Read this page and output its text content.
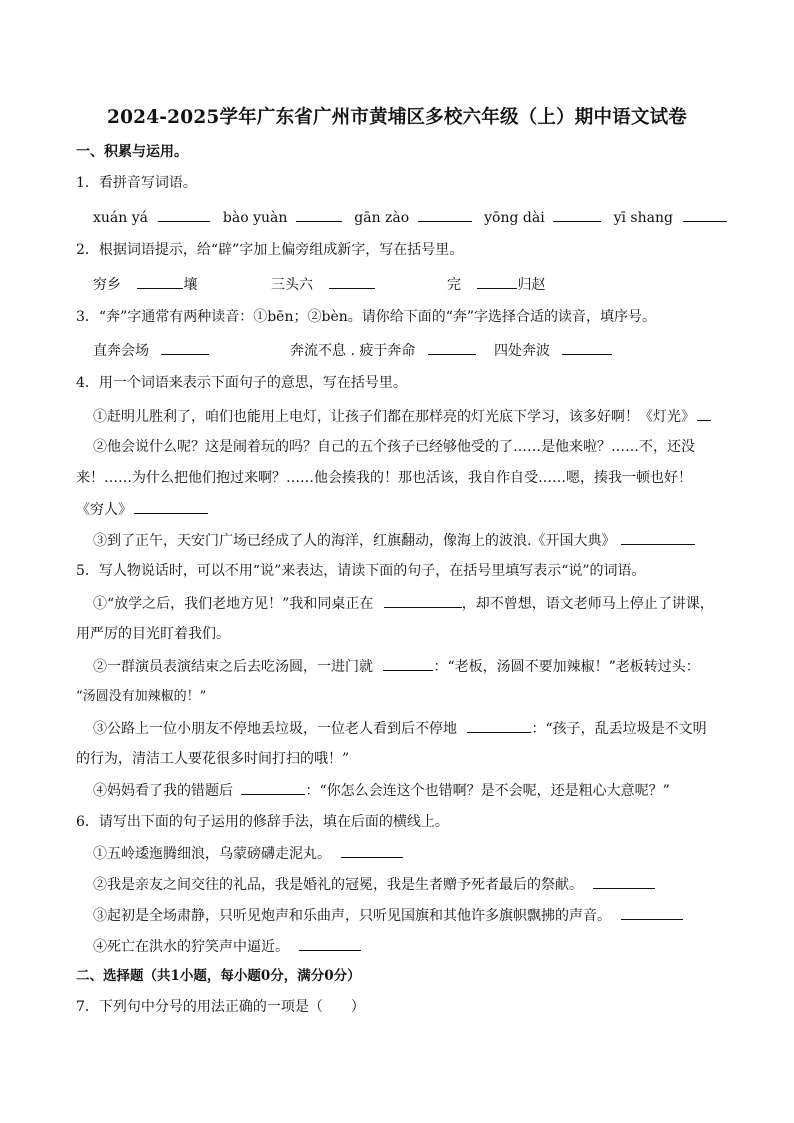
2024-2025学年广东省广州市黄埔区多校六年级（上）期中语文试卷
一、积累与运用。
1．看拼音写词语。
xuán yá	bào yuàn	gān zào	yōng dài	yī shang
2．根据词语提示，给“辟”字加上偏旁组成新字，写在括号里。
穷乡	壤	三头六	完	归赵
3．“奔”字通常有两种读音：①bēn；②bèn。请你给下面的“奔”字选择合适的读音，填序号。
直奔会场	奔流不息 . 疲于奔命	四处奔波
4．用一个词语来表示下面句子的意思，写在括号里。
①赶明儿胜利了，咱们也能用上电灯，让孩子们都在那样亮的灯光底下学习，该多好啊！《灯光》
②他会说什么呢？这是闹着玩的吗？自己的五个孩子已经够他受的了……是他来啦？……不，还没
来！……为什么把他们抱过来啊？……他会揍我的！那也活该，我自作自受……嗯，揍我一顿也好！
《穷人》
③到了正午，天安门广场已经成了人的海洋，红旗翻动，像海上的波浪.《开国大典》
5．写人物说话时，可以不用“说”来表达，请读下面的句子，在括号里填写表示“说”的词语。
①“放学之后，我们老地方见！”我和同桌正在	，却不曾想，语文老师马上停止了讲课，
用严厉的目光盯着我们。
②一群演员表演结束之后去吃汤圆，一进门就	：“老板，汤圆不要加辣椒！”老板转过头：
“汤圆没有加辣椒的！”
③公路上一位小朋友不停地丢垃圾，一位老人看到后不停地	：“孩子，乱丢垃圾是不文明
的行为，清洁工人要花很多时间打扫的哦！”
④妈妈看了我的错题后	：“你怎么会连这个也错啊？是不会呢，还是粗心大意呢？”
6．请写出下面的句子运用的修辞手法，填在后面的横线上。
①五岭逶迤腾细浪，乌蒙磅礴走泥丸。
②我是亲友之间交往的礼品，我是婚礼的冠冕，我是生者赠予死者最后的祭献。
③起初是全场肃静，只听见炮声和乐曲声，只听见国旗和其他许多旗帜飘拂的声音。
④死亡在洪水的狞笑声中逼近。
二、选择题（共1小题，每小题0分，满分0分）
7．下列句中分号的用法正确的一项是（　　）
